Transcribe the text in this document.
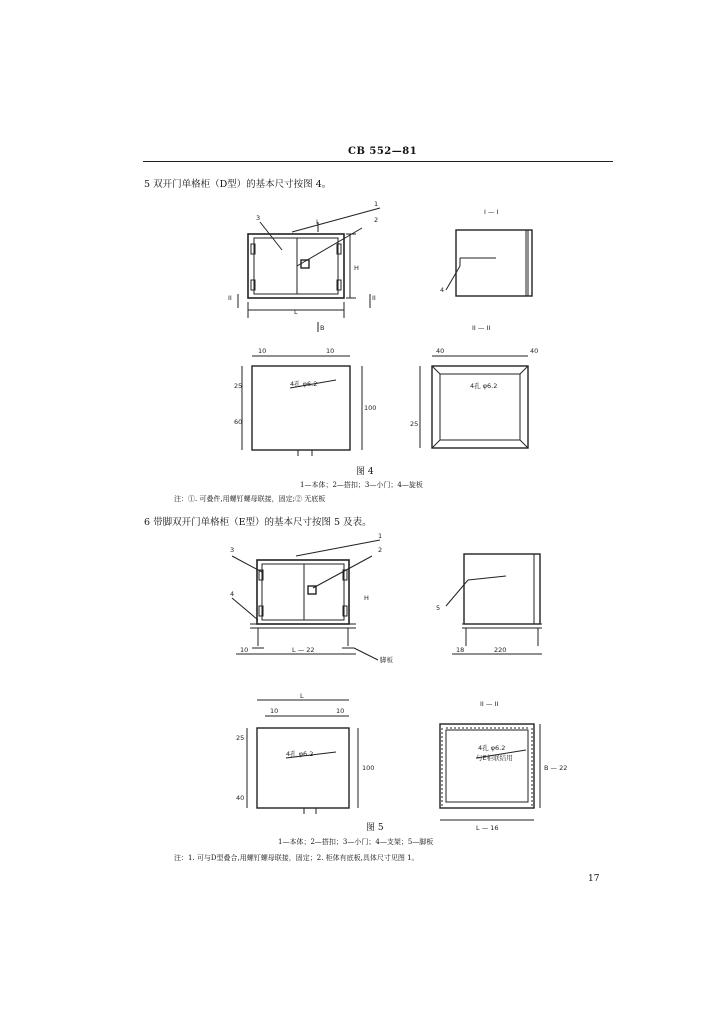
CB 552—81
5 双开门单格柜（D型）的基本尺寸按图 4。
L
H
B
I
II	II
1
2
3
4
I — I
II — II
4孔 φ6.2
10	10
25
60
100
40	40
25
4孔 φ6.2
1
2
3
4
5
H
L — 22
10
脚板
220
18
L
10	10
25
40
100
4孔 φ6.2
II — II
4孔 φ6.2
与E柜联结用
B — 22
L — 16
图 4
1—本体；2—搭扣；3—小门；4—旋板
注：①. 可叠件,用螺钉螺母联接，固定;② 无底板
6 带脚双开门单格柜（E型）的基本尺寸按图 5 及表。
图 5
1—本体；2—搭扣；3—小门；4—支架；5—脚板
注：1. 可与D型叠合,用螺钉螺母联接，固定；2. 柜体有底板,具体尺寸见图 1。
17
